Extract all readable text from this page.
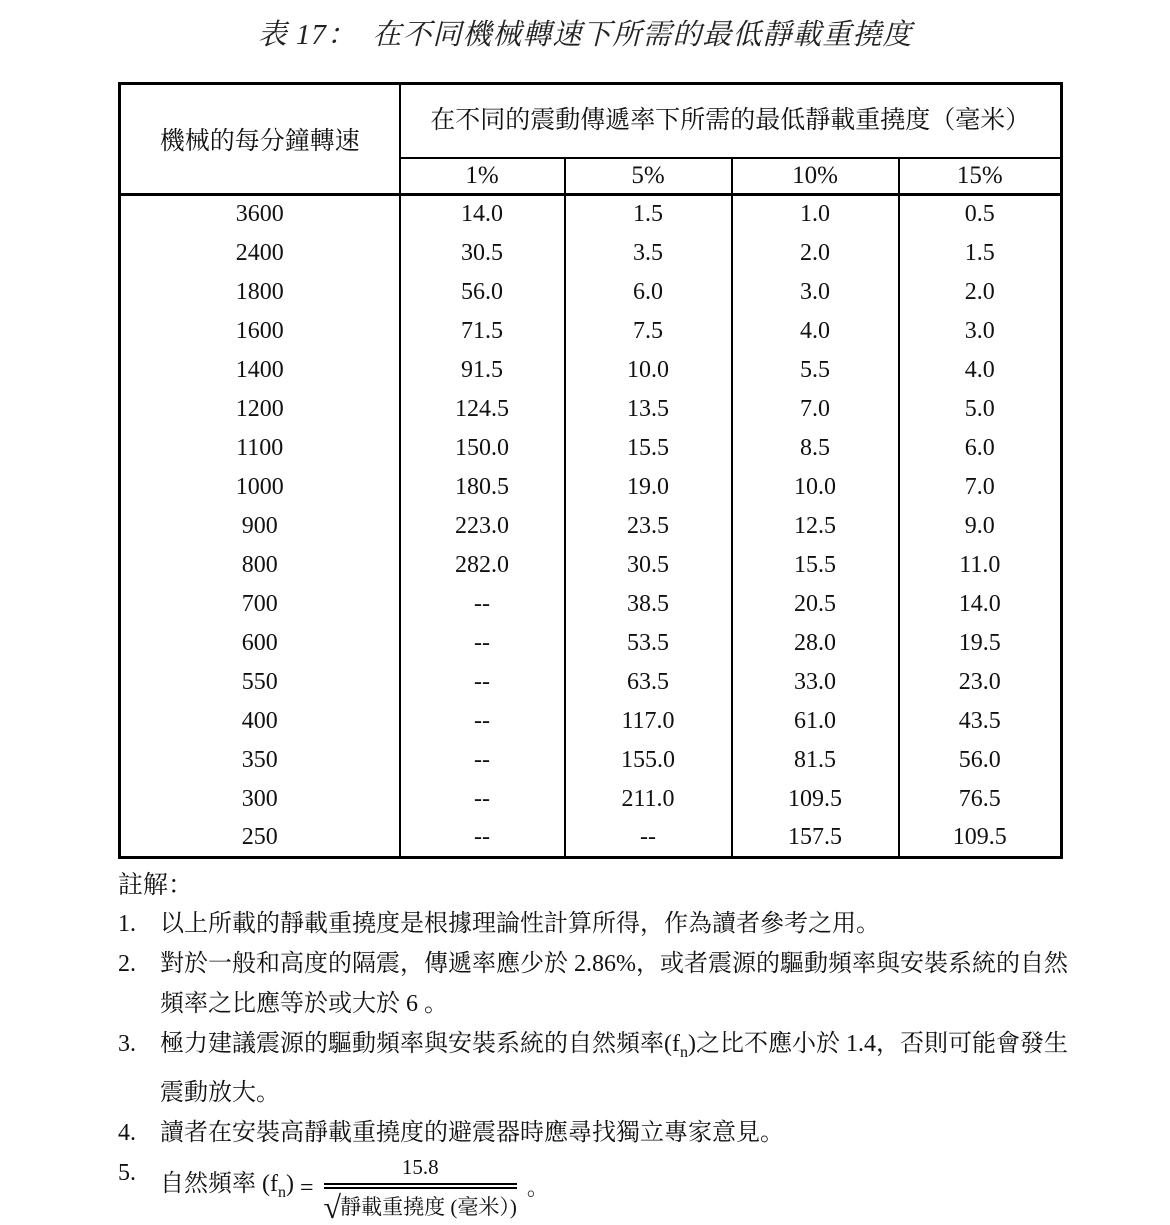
表 17：　在不同機械轉速下所需的最低靜載重撓度
機械的每分鐘轉速	在不同的震動傳遞率下所需的最低靜載重撓度（毫米）			
	1%	5%	10%	15%
3600	14.0	1.5	1.0	0.5
2400	30.5	3.5	2.0	1.5
1800	56.0	6.0	3.0	2.0
1600	71.5	7.5	4.0	3.0
1400	91.5	10.0	5.5	4.0
1200	124.5	13.5	7.0	5.0
1100	150.0	15.5	8.5	6.0
1000	180.5	19.0	10.0	7.0
900	223.0	23.5	12.5	9.0
800	282.0	30.5	15.5	11.0
700	--	38.5	20.5	14.0
600	--	53.5	28.0	19.5
550	--	63.5	33.0	23.0
400	--	117.0	61.0	43.5
350	--	155.0	81.5	56.0
300	--	211.0	109.5	76.5
250	--	--	157.5	109.5
註解：
1.	以上所載的靜載重撓度是根據理論性計算所得，作為讀者參考之用。
2.	對於一般和高度的隔震，傳遞率應少於 2.86%，或者震源的驅動頻率與安裝系統的自然頻率之比應等於或大於 6 。
3.	極力建議震源的驅動頻率與安裝系統的自然頻率$(f_n)$之比不應小於 1.4，否則可能會發生震動放大。
4.	讀者在安裝高靜載重撓度的避震器時應尋找獨立專家意見。
5.	自然頻率 $(f_n) = \frac{15.8}{\text{√靜載重撓度 (毫米）)}}$ 。
